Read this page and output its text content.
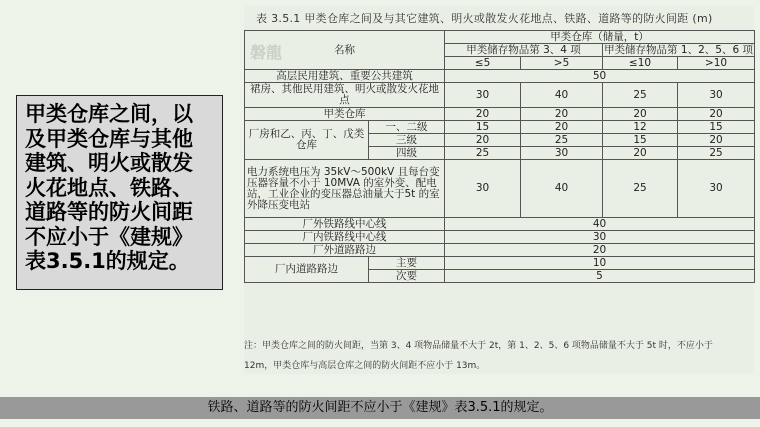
甲类仓库之间，以
及甲类仓库与其他
建筑、明火或散发
火花地点、铁路、
道路等的防火间距
不应小于《建规》
表3.5.1的规定。
表 3.5.1 甲类仓库之间及与其它建筑、明火或散发火花地点、铁路、道路等的防火间距 (m)
磐龍	名称		甲类仓库（储量，t）			
		甲类储存物品第 3、4 项		甲类储存物品第 1、2、5、6 项	
		≤5	>5	≤10	>10
高层民用建筑、重要公共建筑		50			
裙房、其他民用建筑、明火或散发火花地点		30	40	25	30
甲类仓库		20	20	20	20
厂房和乙、丙、丁、戊类仓库	一、二级	15	20	12	15
	三级	20	25	15	20
	四级	25	30	20	25
电力系统电压为 35kV～500kV 且每台变压器容量不小于 10MVA 的室外变、配电站，工业企业的变压器总油量大于5t 的室外降压变电站		30	40	25	30
厂外铁路线中心线		40			
厂内铁路线中心线		30			
厂外道路路边		20			
厂内道路路边	主要	10			
	次要	5			
注：甲类仓库之间的防火间距，当第 3、4 项物品储量不大于 2t，第 1、2、5、6 项物品储量不大于 5t 时，不应小于
12m，甲类仓库与高层仓库之间的防火间距不应小于 13m。
铁路、道路等的防火间距不应小于《建规》表3.5.1的规定。
